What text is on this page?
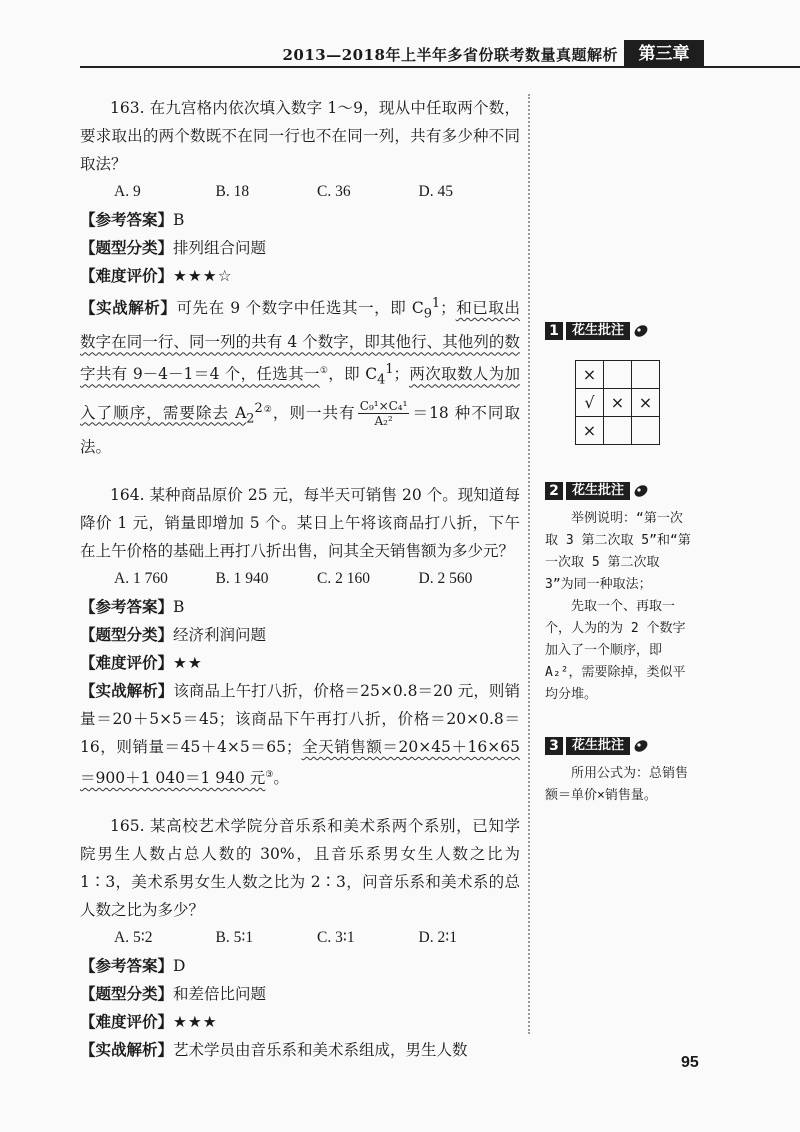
2013—2018年上半年多省份联考数量真题解析	第三章

163. 在九宫格内依次填入数字 1～9，现从中任取两个数，要求取出的两个数既不在同一行也不在同一列，共有多少种不同取法？

A. 9	B. 18	C. 36	D. 45

【参考答案】B

【题型分类】排列组合问题

【难度评价】★★★☆

【实战解析】可先在 9 个数字中任选其一，即 $C_9^1$；和已取出数字在同一行、同一列的共有 4 个数字，即其他行、其他列的数字共有 9－4－1＝4 个，任选其一①，即 $C_4^1$；两次取数人为加入了顺序，需要除去 $A_2^{2②}$，则一共有 $\frac{\text{C₉¹×C₄¹}}{\text{A₂²}} =18$ 种不同取法。

164. 某种商品原价 25 元，每半天可销售 20 个。现知道每降价 1 元，销量即增加 5 个。某日上午将该商品打八折，下午在上午价格的基础上再打八折出售，问其全天销售额为多少元？

A. 1 760	B. 1 940	C. 2 160	D. 2 560

【参考答案】B

【题型分类】经济利润问题

【难度评价】★★

【实战解析】该商品上午打八折，价格＝25×0.8＝20 元，则销量＝20＋5×5＝45；该商品下午再打八折，价格＝20×0.8＝16，则销量＝45＋4×5＝65；全天销售额＝20×45＋16×65＝900＋1 040＝1 940 元③。

165. 某高校艺术学院分音乐系和美术系两个系别，已知学院男生人数占总人数的 30%，且音乐系男女生人数之比为 1∶3，美术系男女生人数之比为 2∶3，问音乐系和美术系的总人数之比为多少？

A. 5∶2	B. 5∶1	C. 3∶1	D. 2∶1

【参考答案】D

【题型分类】和差倍比问题

【难度评价】★★★

【实战解析】艺术学员由音乐系和美术系组成，男生人数

1	花生批注
×		
√	×	×
×		
2	花生批注

举例说明：“第一次取 3 第二次取 5”和“第一次取 5 第二次取 3”为同一种取法；

先取一个、再取一个，人为的为 2 个数字加入了一个顺序，即 A₂²，需要除掉，类似平均分堆。

3	花生批注

所用公式为：总销售额＝单价×销售量。

95
